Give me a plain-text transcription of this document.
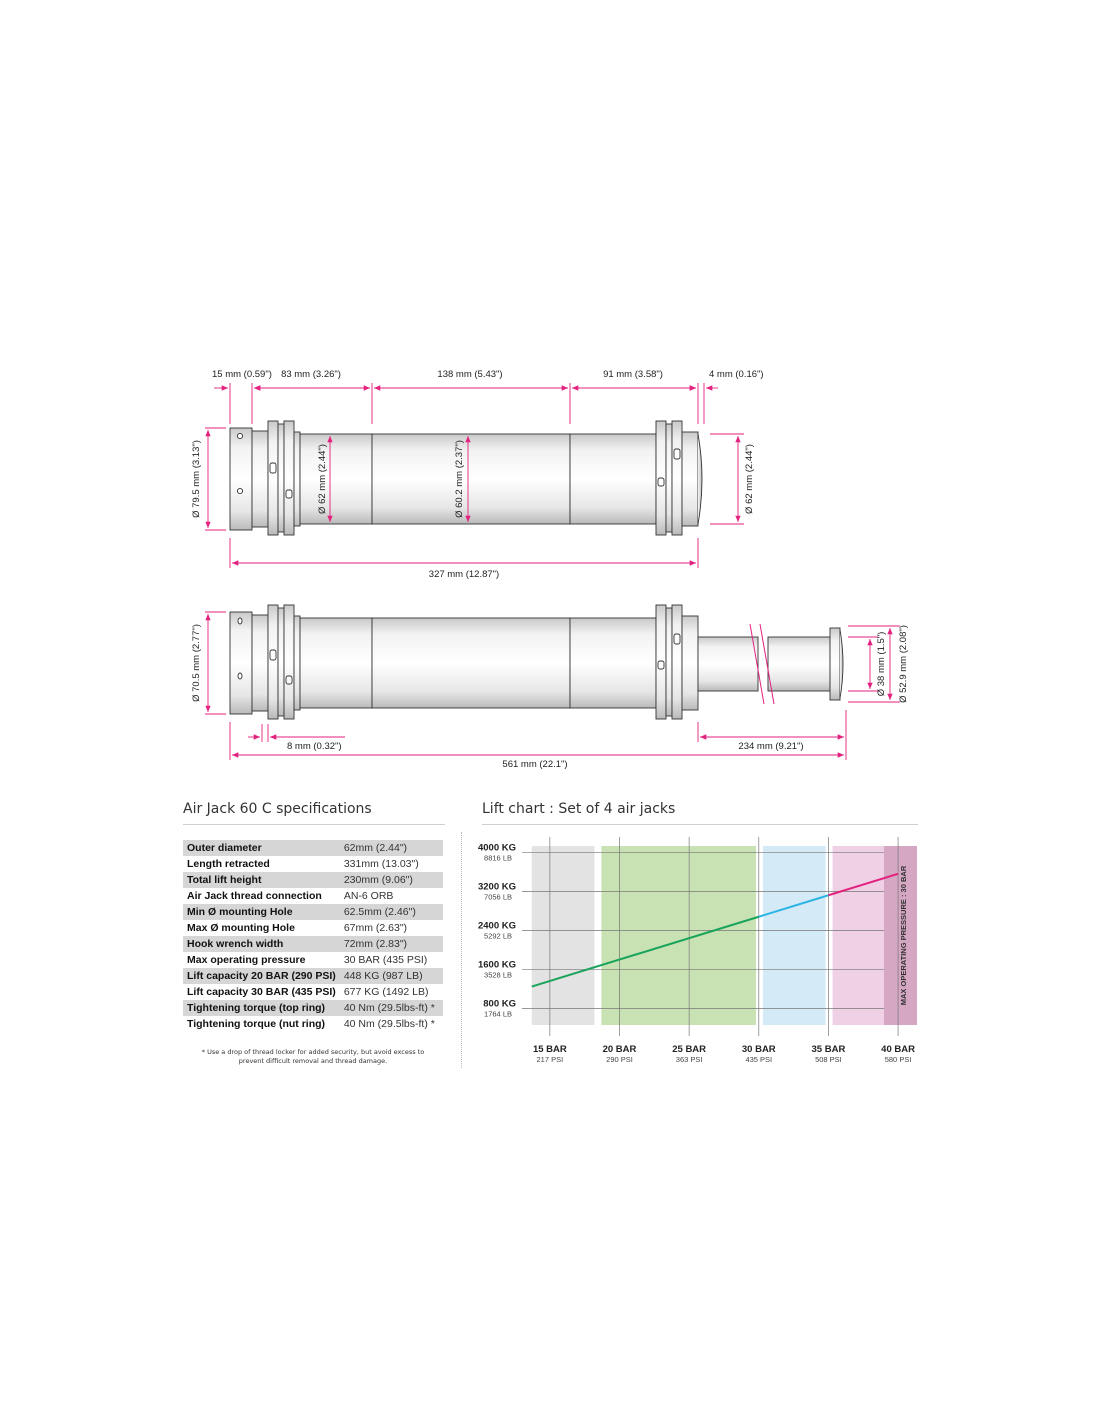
15 mm (0.59") 83 mm (3.26")	138 mm (5.43")	91 mm (3.58")	4 mm (0.16")
Ø 79.5 mm (3.13")	Ø 62 mm (2.44")	Ø 60.2 mm (2.37")	Ø 62 mm (2.44")
327 mm (12.87")
Ø 70.5 mm (2.77")	Ø 38 mm (1.5") Ø 52.9 mm (2.08")
8 mm (0.32")	234 mm (9.21")
561 mm (22.1")
Air Jack 60 C specifications
Outer diameter	62mm (2.44")
Length retracted	331mm (13.03")
Total lift height	230mm (9.06")
Air Jack thread connection	AN-6 ORB
Min Ø mounting Hole	62.5mm (2.46")
Max Ø mounting Hole	67mm (2.63")
Hook wrench width	72mm (2.83")
Max operating pressure	30 BAR (435 PSI)
Lift capacity 20 BAR (290 PSI)	448 KG (987 LB)
Lift capacity 30 BAR (435 PSI)	677 KG (1492 LB)
Tightening torque (top ring)	40 Nm (29.5lbs-ft) *
Tightening torque (nut ring)	40 Nm (29.5lbs-ft) *
* Use a drop of thread locker for added security, but avoid excess to
prevent difficult removal and thread damage.
Lift chart : Set of 4 air jacks
MAX OPERATING PRESSURE : 30 BAR
800 KG
1764 LB
1600 KG
3528 LB
2400 KG
5292 LB
3200 KG
7056 LB
4000 KG
8816 LB
15 BAR
217 PSI
20 BAR
290 PSI
25 BAR
363 PSI
30 BAR
435 PSI
35 BAR
508 PSI
40 BAR
580 PSI
